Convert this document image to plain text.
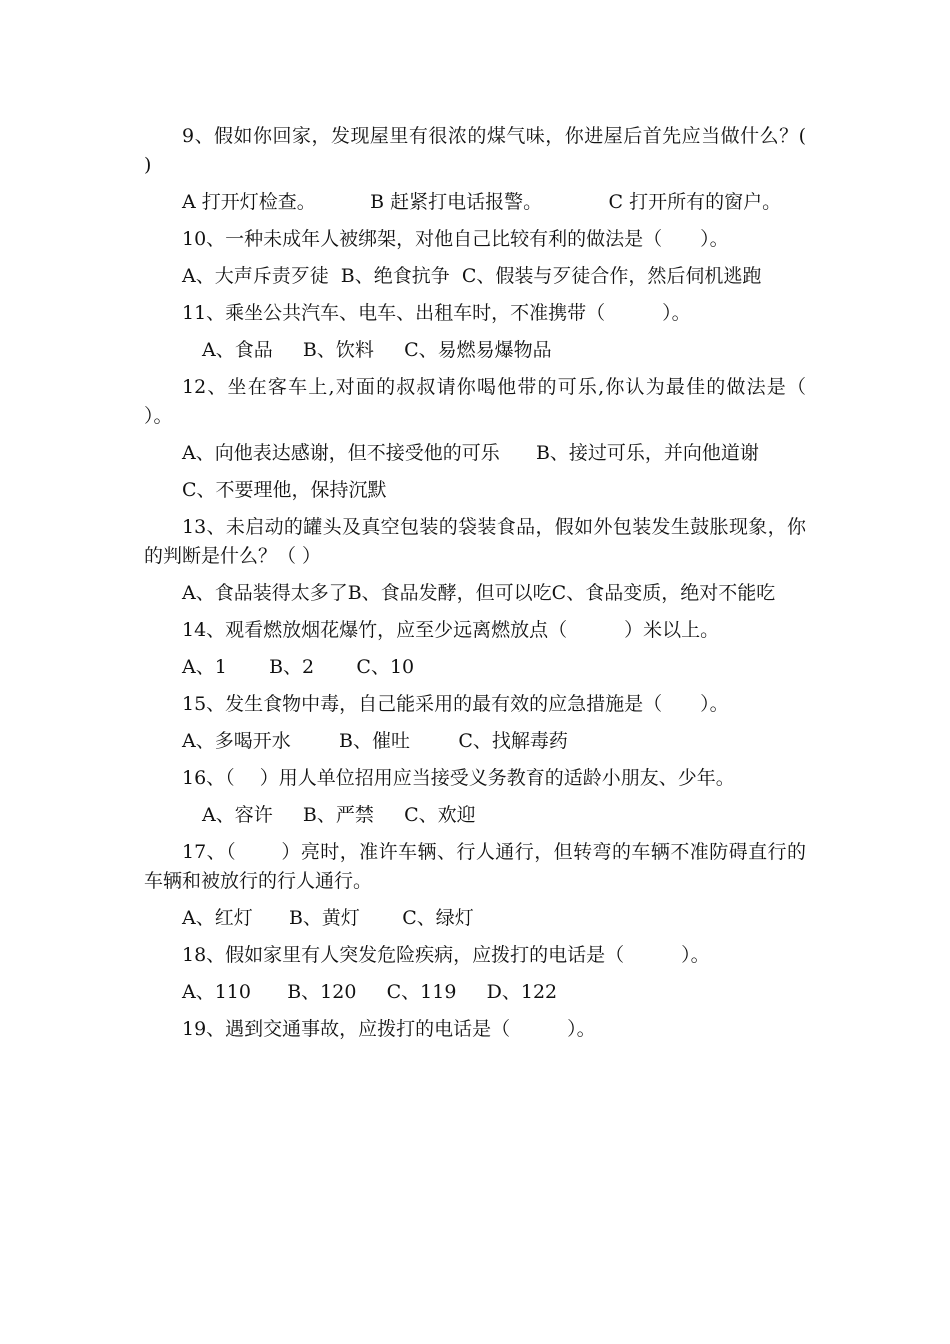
9、假如你回家，发现屋里有很浓的煤气味，你进屋后首先应当做什么？(　　　)

A 打开灯检查。         B 赶紧打电话报警。           C 打开所有的窗户。

10、一种未成年人被绑架，对他自己比较有利的做法是（　　）。

A、大声斥责歹徒  B、绝食抗争  C、假装与歹徒合作，然后伺机逃跑

11、乘坐公共汽车、电车、出租车时，不准携带（　　　）。

A、食品     B、饮料     C、易燃易爆物品

12、坐在客车上,对面的叔叔请你喝他带的可乐,你认为最佳的做法是（　 ）。

A、向他表达感谢，但不接受他的可乐      B、接过可乐，并向他道谢

C、不要理他，保持沉默

13、未启动的罐头及真空包装的袋装食品，假如外包装发生鼓胀现象，你的判断是什么？（ ）

A、食品装得太多了B、食品发酵，但可以吃C、食品变质，绝对不能吃

14、观看燃放烟花爆竹，应至少远离燃放点（　　　）米以上。

A、1       B、2       C、10

15、发生食物中毒，自己能采用的最有效的应急措施是（　　）。

A、多喝开水        B、催吐        C、找解毒药

16、（　 ）用人单位招用应当接受义务教育的适龄小朋友、少年。

A、容许     B、严禁     C、欢迎

17、（　　 ）亮时，准许车辆、行人通行，但转弯的车辆不准防碍直行的车辆和被放行的行人通行。

A、红灯      B、黄灯       C、绿灯

18、假如家里有人突发危险疾病，应拨打的电话是（　　　）。

A、110      B、120     C、119     D、122

19、遇到交通事故，应拨打的电话是（　　　）。
